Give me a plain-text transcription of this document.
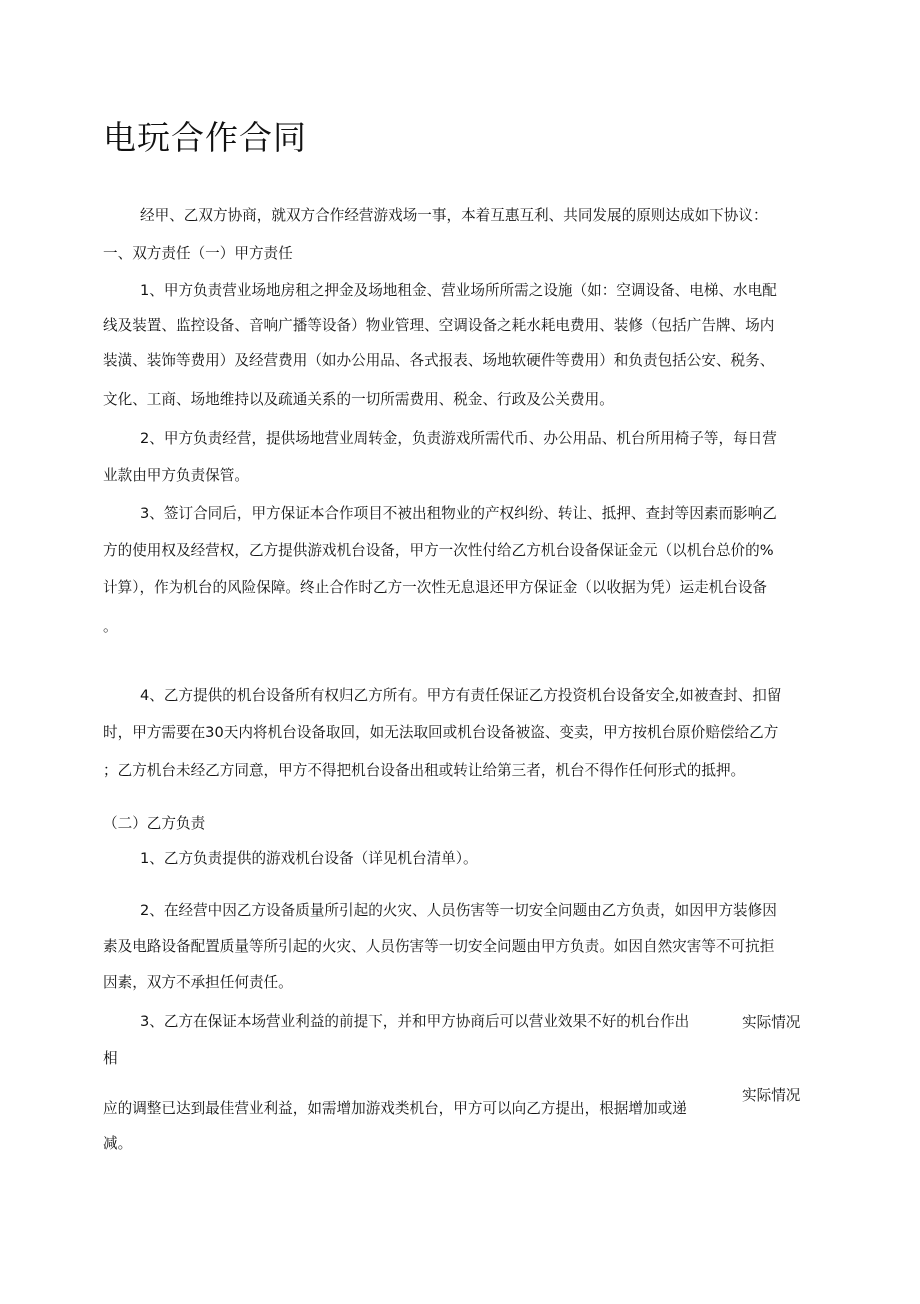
电玩合作合同

经甲、乙双方协商，就双方合作经营游戏场一事，本着互惠互利、共同发展的原则达成如下协议：

一、双方责任（一）甲方责任

1、甲方负责营业场地房租之押金及场地租金、营业场所所需之设施（如：空调设备、电梯、水电配

线及装置、监控设备、音响广播等设备）物业管理、空调设备之耗水耗电费用、装修（包括广告牌、场内

装潢、装饰等费用）及经营费用（如办公用品、各式报表、场地软硬件等费用）和负责包括公安、税务、

文化、工商、场地维持以及疏通关系的一切所需费用、税金、行政及公关费用。

2、甲方负责经营，提供场地营业周转金，负责游戏所需代币、办公用品、机台所用椅子等，每日营

业款由甲方负责保管。

3、签订合同后，甲方保证本合作项目不被出租物业的产权纠纷、转让、抵押、查封等因素而影响乙

方的使用权及经营权，乙方提供游戏机台设备，甲方一次性付给乙方机台设备保证金元（以机台总价的%

计算），作为机台的风险保障。终止合作时乙方一次性无息退还甲方保证金（以收据为凭）运走机台设备

。

4、乙方提供的机台设备所有权归乙方所有。甲方有责任保证乙方投资机台设备安全,如被查封、扣留

时，甲方需要在30天内将机台设备取回，如无法取回或机台设备被盗、变卖，甲方按机台原价赔偿给乙方

；乙方机台未经乙方同意，甲方不得把机台设备出租或转让给第三者，机台不得作任何形式的抵押。

（二）乙方负责

1、乙方负责提供的游戏机台设备（详见机台清单）。

2、在经营中因乙方设备质量所引起的火灾、人员伤害等一切安全问题由乙方负责，如因甲方装修因

素及电路设备配置质量等所引起的火灾、人员伤害等一切安全问题由甲方负责。如因自然灾害等不可抗拒

因素，双方不承担任何责任。

3、乙方在保证本场营业利益的前提下，并和甲方协商后可以营业效果不好的机台作出	实际情况

相

实际情况

应的调整已达到最佳营业利益，如需增加游戏类机台，甲方可以向乙方提出，根据增加或递

减。
